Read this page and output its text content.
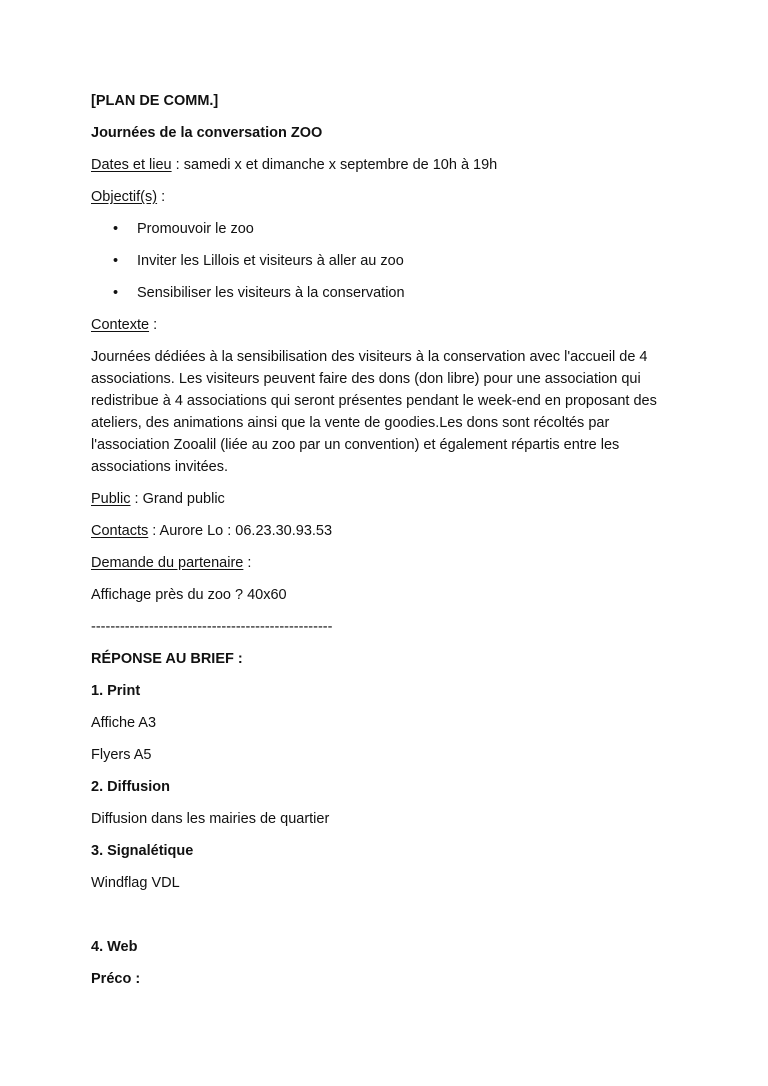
[PLAN DE COMM.]

Journées de la conversation ZOO

Dates et lieu : samedi x et dimanche x septembre de 10h à 19h

Objectif(s) :

• Promouvoir le zoo
• Inviter les Lillois et visiteurs à aller au zoo
• Sensibiliser les visiteurs à la conservation

Contexte :

Journées dédiées à la sensibilisation des visiteurs à la conservation avec l'accueil de 4 associations. Les visiteurs peuvent faire des dons (don libre) pour une association qui redistribue à 4 associations qui seront présentes pendant le week-end en proposant des ateliers, des animations ainsi que la vente de goodies.Les dons sont récoltés par l'association Zooalil (liée au zoo par un convention) et également répartis entre les associations invitées.

Public : Grand public

Contacts : Aurore Lo : 06.23.30.93.53

Demande du partenaire :

Affichage près du zoo ? 40x60

--------------------------------------------------

RÉPONSE AU BRIEF :

1. Print

Affiche A3

Flyers A5

2. Diffusion

Diffusion dans les mairies de quartier

3. Signalétique

Windflag VDL

4. Web

Préco :
